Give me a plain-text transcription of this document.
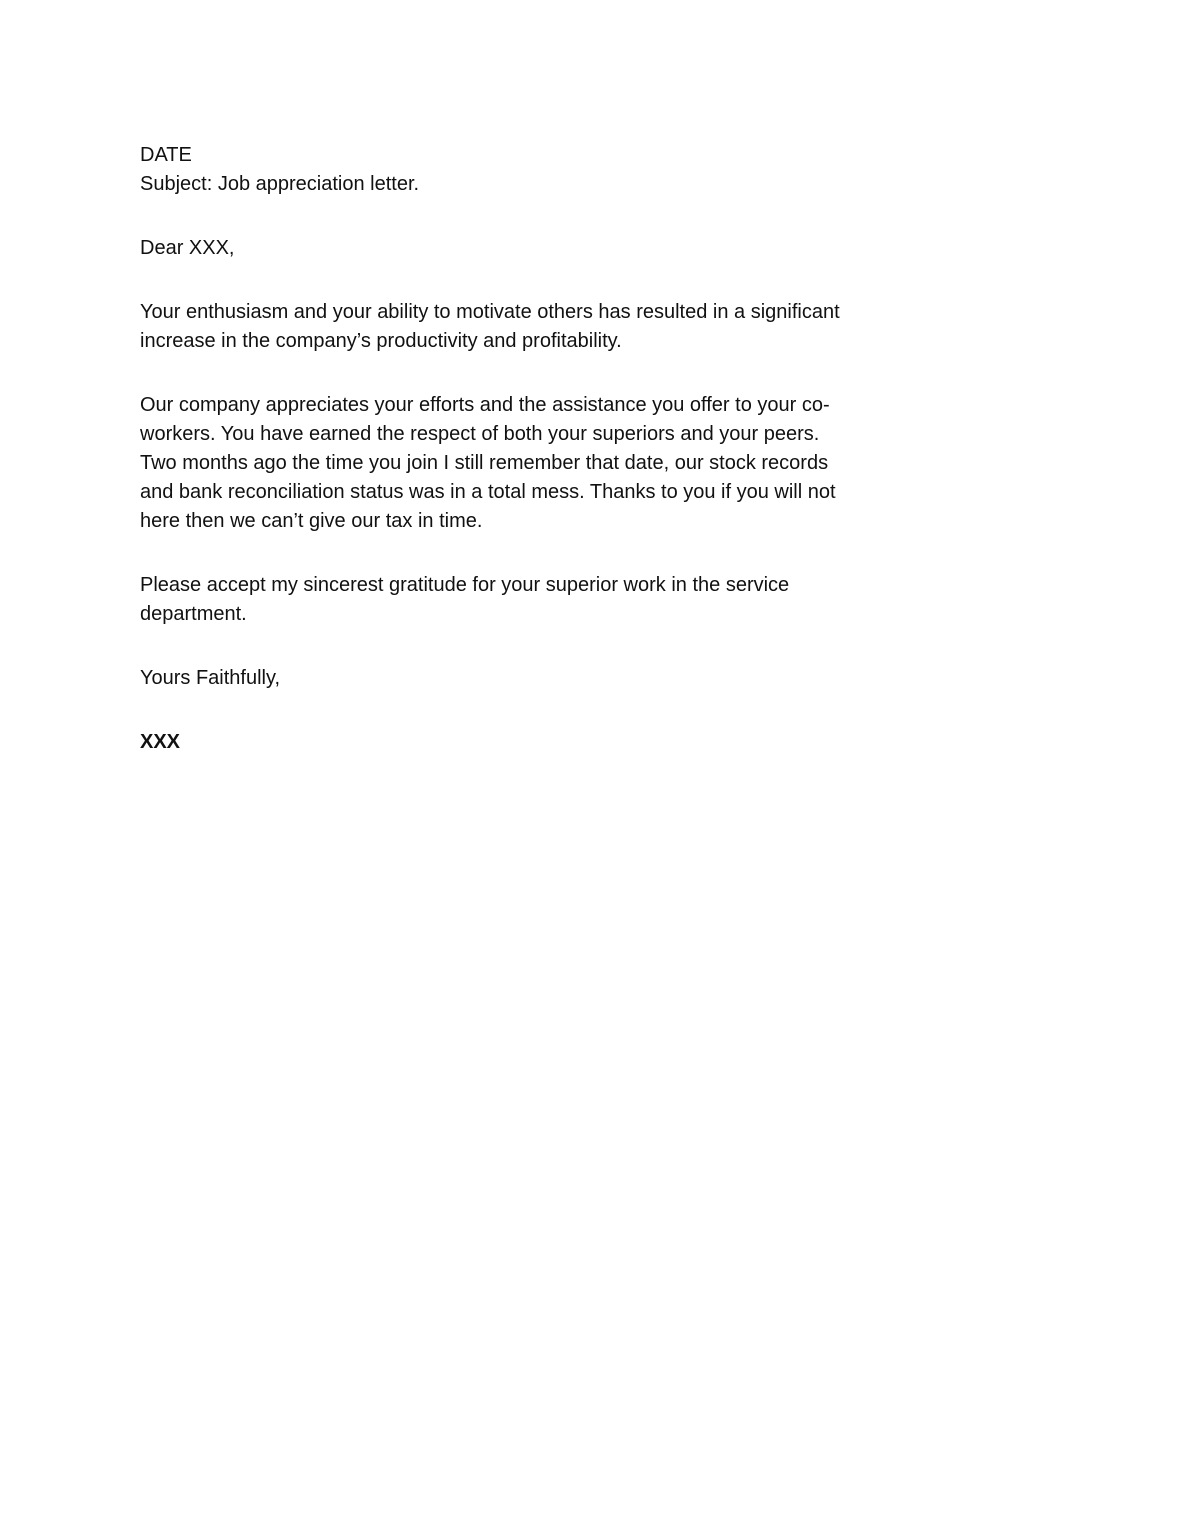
DATE
Subject: Job appreciation letter.
Dear XXX,
Your enthusiasm and your ability to motivate others has resulted in a significant
increase in the company’s productivity and profitability.
Our company appreciates your efforts and the assistance you offer to your co-
workers. You have earned the respect of both your superiors and your peers.
Two months ago the time you join I still remember that date, our stock records
and bank reconciliation status was in a total mess. Thanks to you if you will not
here then we can’t give our tax in time.
Please accept my sincerest gratitude for your superior work in the service
department.
Yours Faithfully,
XXX
